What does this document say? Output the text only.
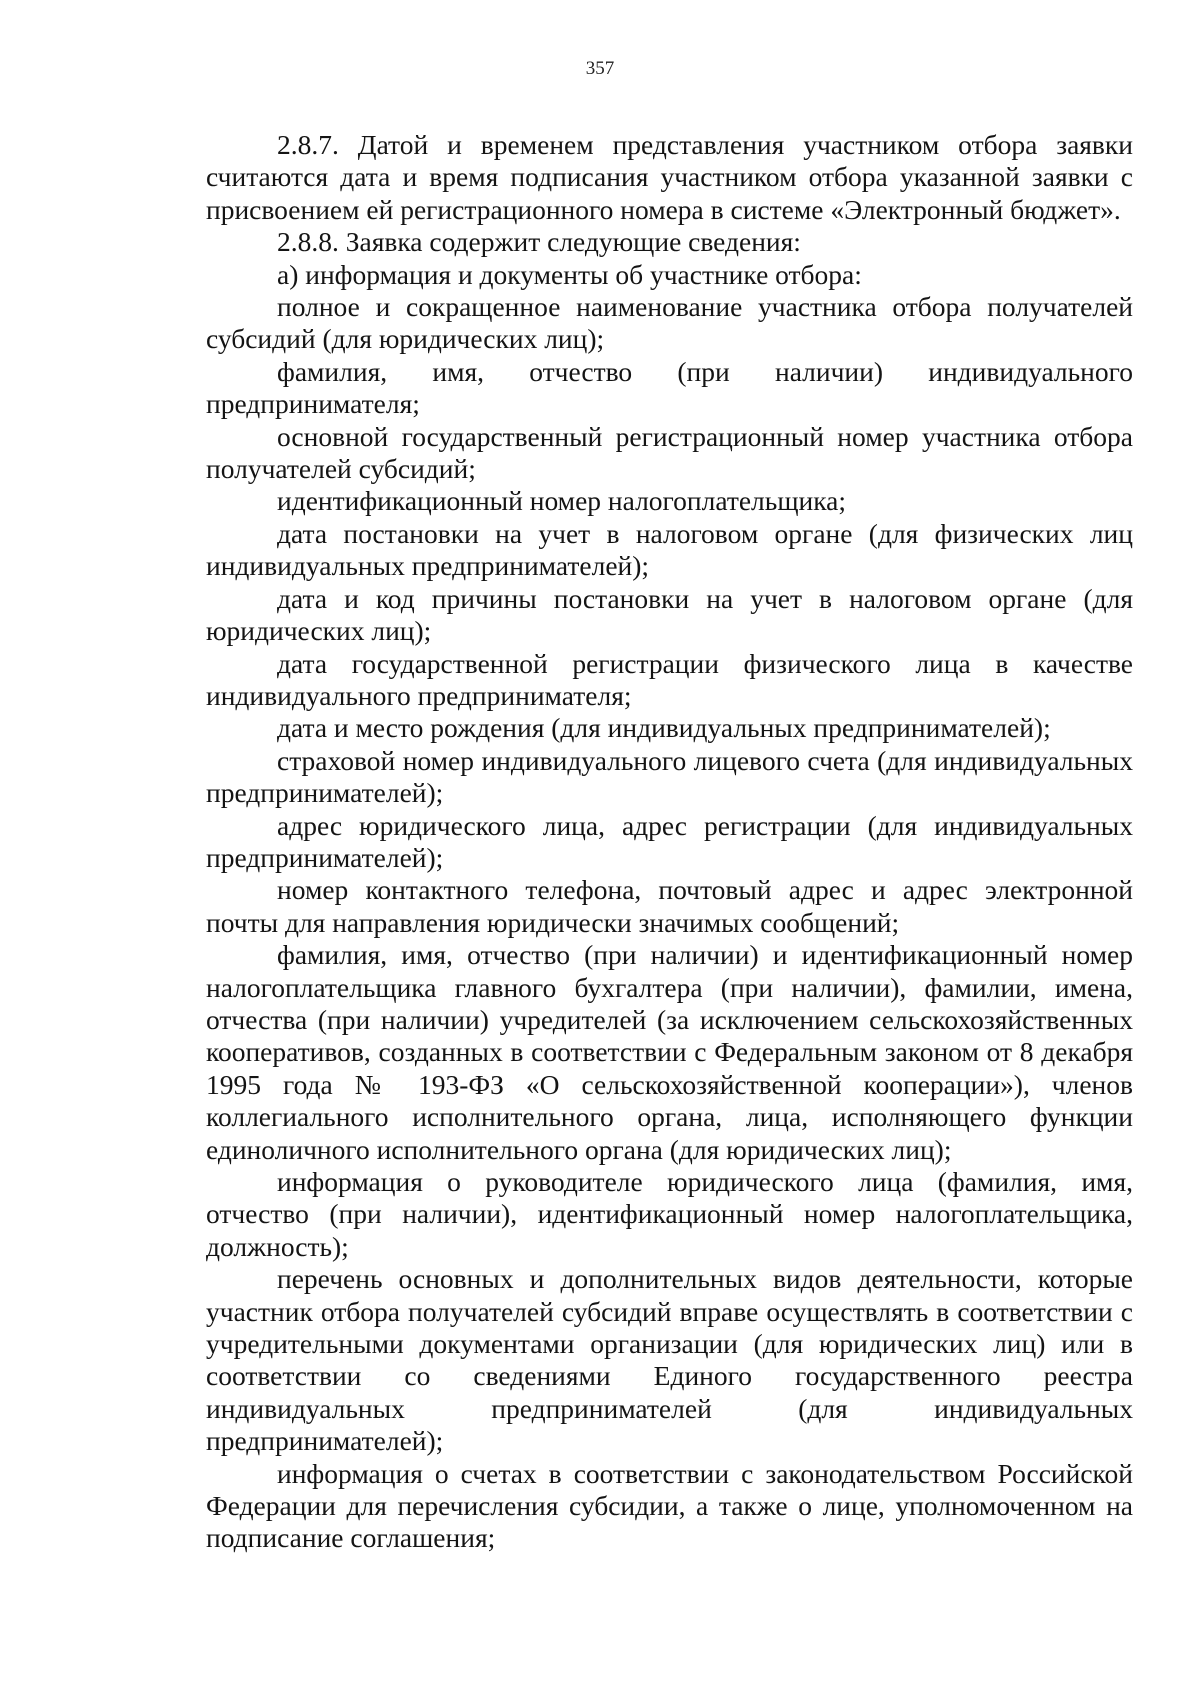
357

2.8.7. Датой и временем представления участником отбора заявки считаются дата и время подписания участником отбора указанной заявки с присвоением ей регистрационного номера в системе «Электронный бюджет».

2.8.8. Заявка содержит следующие сведения:

а) информация и документы об участнике отбора:

полное и сокращенное наименование участника отбора получателей субсидий (для юридических лиц);

фамилия, имя, отчество (при наличии) индивидуального предпринимателя;

основной государственный регистрационный номер участника отбора получателей субсидий;

идентификационный номер налогоплательщика;

дата постановки на учет в налоговом органе (для физических лиц индивидуальных предпринимателей);

дата и код причины постановки на учет в налоговом органе (для юридических лиц);

дата государственной регистрации физического лица в качестве индивидуального предпринимателя;

дата и место рождения (для индивидуальных предпринимателей);

страховой номер индивидуального лицевого счета (для индивидуальных предпринимателей);

адрес юридического лица, адрес регистрации (для индивидуальных предпринимателей);

номер контактного телефона, почтовый адрес и адрес электронной почты для направления юридически значимых сообщений;

фамилия, имя, отчество (при наличии) и идентификационный номер налогоплательщика главного бухгалтера (при наличии), фамилии, имена, отчества (при наличии) учредителей (за исключением сельскохозяйственных кооперативов, созданных в соответствии с Федеральным законом от 8 декабря 1995 года № 193-ФЗ «О сельскохозяйственной кооперации»), членов коллегиального исполнительного органа, лица, исполняющего функции единоличного исполнительного органа (для юридических лиц);

информация о руководителе юридического лица (фамилия, имя, отчество (при наличии), идентификационный номер налогоплательщика, должность);

перечень основных и дополнительных видов деятельности, которые участник отбора получателей субсидий вправе осуществлять в соответствии с учредительными документами организации (для юридических лиц) или в соответствии со сведениями Единого государственного реестра индивидуальных предпринимателей (для индивидуальных предпринимателей);

информация о счетах в соответствии с законодательством Российской Федерации для перечисления субсидии, а также о лице, уполномоченном на подписание соглашения;
